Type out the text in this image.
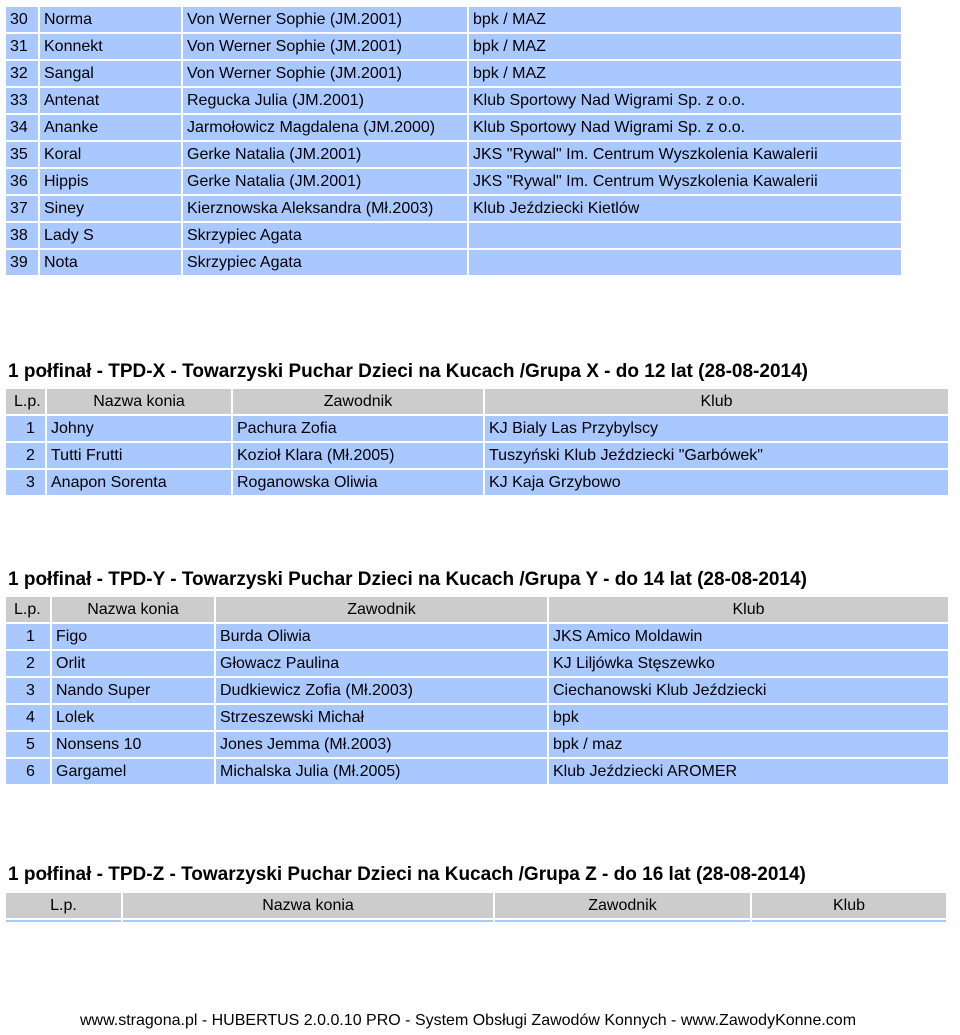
30	Norma	Von Werner Sophie (JM.2001)	bpk / MAZ
31	Konnekt	Von Werner Sophie (JM.2001)	bpk / MAZ
32	Sangal	Von Werner Sophie (JM.2001)	bpk / MAZ
33	Antenat	Regucka Julia (JM.2001)	Klub Sportowy Nad Wigrami Sp. z o.o.
34	Ananke	Jarmołowicz Magdalena (JM.2000)	Klub Sportowy Nad Wigrami Sp. z o.o.
35	Koral	Gerke Natalia (JM.2001)	JKS "Rywal" Im. Centrum Wyszkolenia Kawalerii
36	Hippis	Gerke Natalia (JM.2001)	JKS "Rywal" Im. Centrum Wyszkolenia Kawalerii
37	Siney	Kierznowska Aleksandra (Mł.2003)	Klub Jeździecki Kietlów
38	Lady S	Skrzypiec Agata	
39	Nota	Skrzypiec Agata	
1 połfinał - TPD-X - Towarzyski Puchar Dzieci na Kucach /Grupa X - do 12 lat (28-08-2014)
L.p.	Nazwa konia	Zawodnik	Klub
1	Johny	Pachura Zofia	KJ Bialy Las Przybylscy
2	Tutti Frutti	Kozioł Klara (Mł.2005)	Tuszyński Klub Jeździecki "Garbówek"
3	Anapon Sorenta	Roganowska Oliwia	KJ Kaja Grzybowo
1 połfinał - TPD-Y - Towarzyski Puchar Dzieci na Kucach /Grupa Y - do 14 lat (28-08-2014)
L.p.	Nazwa konia	Zawodnik	Klub
1	Figo	Burda Oliwia	JKS Amico Moldawin
2	Orlit	Głowacz Paulina	KJ Liljówka Stęszewko
3	Nando Super	Dudkiewicz Zofia (Mł.2003)	Ciechanowski Klub Jeździecki
4	Lolek	Strzeszewski Michał	bpk
5	Nonsens 10	Jones Jemma (Mł.2003)	bpk / maz
6	Gargamel	Michalska Julia (Mł.2005)	Klub Jeździecki AROMER
1 połfinał - TPD-Z - Towarzyski Puchar Dzieci na Kucach /Grupa Z - do 16 lat (28-08-2014)
L.p.	Nazwa konia	Zawodnik	Klub

www.stragona.pl - HUBERTUS 2.0.0.10 PRO - System Obsługi Zawodów Konnych - www.ZawodyKonne.com
